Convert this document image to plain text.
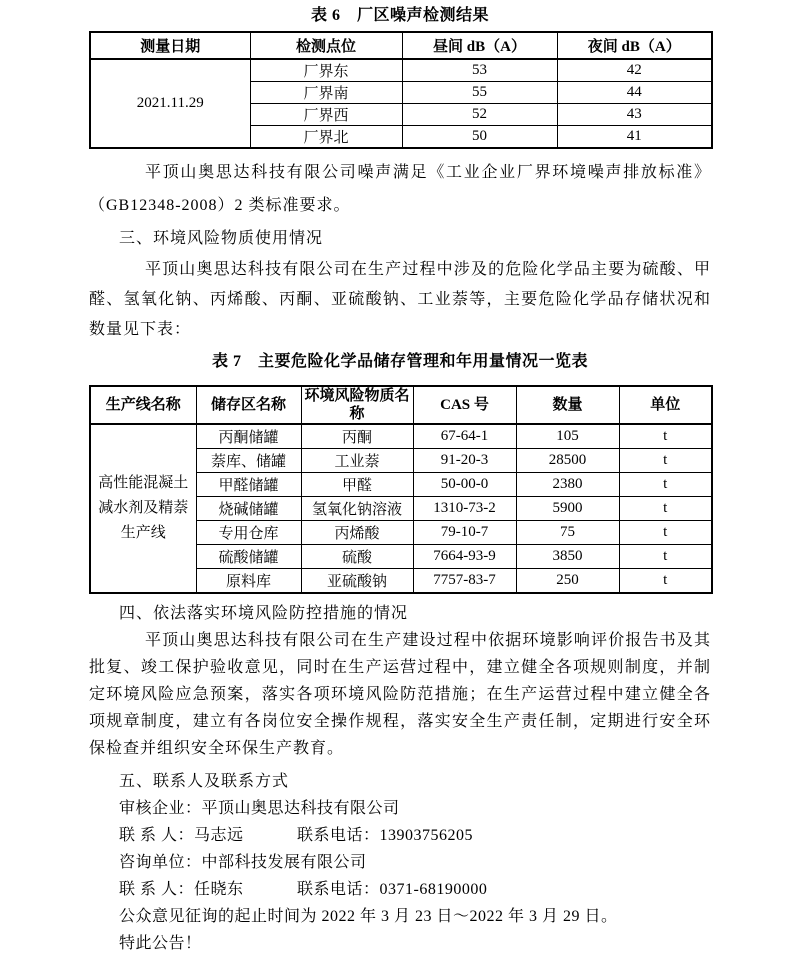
表 6　厂区噪声检测结果
测量日期	检测点位	昼间 dB（A）	夜间 dB（A）
2021.11.29	厂界东	53	42
	厂界南	55	44
	厂界西	52	43
	厂界北	50	41

平顶山奥思达科技有限公司噪声满足《工业企业厂界环境噪声排放标准》（GB12348-2008）2 类标准要求。

三、环境风险物质使用情况

平顶山奥思达科技有限公司在生产过程中涉及的危险化学品主要为硫酸、甲醛、氢氧化钠、丙烯酸、丙酮、亚硫酸钠、工业萘等，主要危险化学品存储状况和数量见下表：

表 7　主要危险化学品储存管理和年用量情况一览表
生产线名称	储存区名称	环境风险物质名称	CAS 号	数量	单位
高性能混凝土减水剂及精萘生产线	丙酮储罐	丙酮	67-64-1	105	t
	萘库、储罐	工业萘	91-20-3	28500	t
	甲醛储罐	甲醛	50-00-0	2380	t
	烧碱储罐	氢氧化钠溶液	1310-73-2	5900	t
	专用仓库	丙烯酸	79-10-7	75	t
	硫酸储罐	硫酸	7664-93-9	3850	t
	原料库	亚硫酸钠	7757-83-7	250	t
四、依法落实环境风险防控措施的情况

平顶山奥思达科技有限公司在生产建设过程中依据环境影响评价报告书及其批复、竣工保护验收意见，同时在生产运营过程中，建立健全各项规则制度，并制定环境风险应急预案，落实各项环境风险防范措施；在生产运营过程中建立健全各项规章制度，建立有各岗位安全操作规程，落实安全生产责任制，定期进行安全环保检查并组织安全环保生产教育。

五、联系人及联系方式
审核企业：平顶山奥思达科技有限公司
联 系 人：马志远	联系电话：13903756205
咨询单位：中部科技发展有限公司
联 系 人：任晓东	联系电话：0371-68190000
公众意见征询的起止时间为 2022 年 3 月 23 日～2022 年 3 月 29 日。
特此公告！
